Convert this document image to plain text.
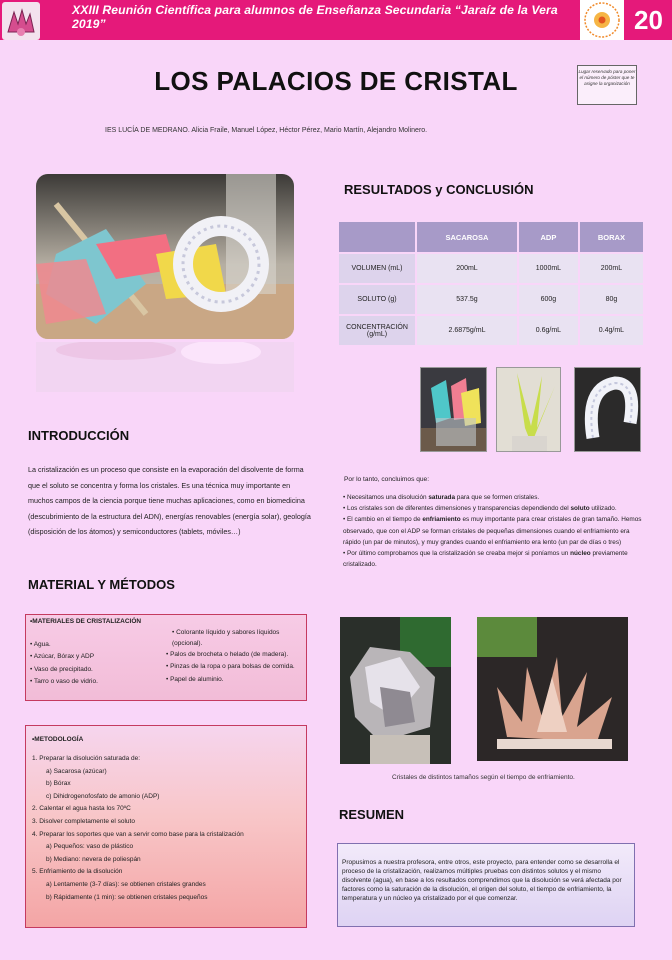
XXIII Reunión Científica para alumnos de Enseñanza Secundaria “Jaraíz de la Vera 2019”	20
Lugar reservado para poner el número de póster que te asigne la organización
LOS PALACIOS DE CRISTAL
IES LUCÍA DE MEDRANO. Alicia Fraile, Manuel López, Héctor Pérez, Mario Martín, Alejandro Molinero.
RESULTADOS y CONCLUSIÓN
	SACAROSA	ADP	BORAX
VOLUMEN (mL)	200mL	1000mL	200mL
SOLUTO (g)	537.5g	600g	80g
CONCENTRACIÓN (g/mL)	2.6875g/mL	0.6g/mL	0.4g/mL
Por lo tanto, concluimos que:
• Necesitamos una disolución saturada para que se formen cristales.
• Los cristales son de diferentes dimensiones y transparencias dependiendo del soluto utilizado.
• El cambio en el tiempo de enfriamiento es muy importante para crear cristales de gran tamaño. Hemos observado, que con el ADP se forman cristales de pequeñas dimensiones cuando el enfriamiento era rápido (un par de minutos), y muy grandes cuando el enfriamiento era lento (un par de días o tres)
• Por último comprobamos que la cristalización se creaba mejor si poníamos un núcleo previamente cristalizado.
INTRODUCCIÓN
La cristalización es un proceso que consiste en la evaporación del disolvente de forma que el soluto se concentra y forma los cristales. Es una técnica muy importante en muchos campos de la ciencia porque tiene muchas aplicaciones, como en biomedicina (descubrimiento de la estructura del ADN), energías renovables (energía solar), geología (disposición de los átomos) y semiconductores (tablets, móviles…)
MATERIAL Y MÉTODOS
•MATERIALES DE CRISTALIZACIÓN
• Agua.
• Azúcar, Bórax y ADP
• Vaso de precipitado.
• Tarro o vaso de vidrio.
• Colorante líquido y sabores líquidos (opcional).
• Palos de brocheta o helado (de madera).
• Pinzas de la ropa o para bolsas de comida.
• Papel de aluminio.
•METODOLOGÍA
1. Preparar la disolución saturada de:
a) Sacarosa (azúcar)
b) Bórax
c) Dihidrogenofosfato de amonio (ADP)
2. Calentar el agua hasta los 70ºC
3. Disolver completamente el soluto
4. Preparar los soportes que van a servir como base para la cristalización
a) Pequeños: vaso de plástico
b) Mediano: nevera de poliespán
5. Enfriamiento de la disolución
a) Lentamente (3-7 días): se obtienen cristales grandes
b) Rápidamente (1 min): se obtienen cristales pequeños
Cristales de distintos tamaños según el tiempo de enfriamiento.
RESUMEN
Propusimos a nuestra profesora, entre otros, este proyecto, para entender como se desarrolla el proceso de la cristalización, realizamos múltiples pruebas con distintos solutos y el mismo disolvente (agua), en base a los resultados comprendimos que la disolución se verá afectada por factores como la saturación de la disolución, el origen del soluto, el tiempo de enfriamiento, la temperatura y un núcleo ya cristalizado por el que comenzar.
